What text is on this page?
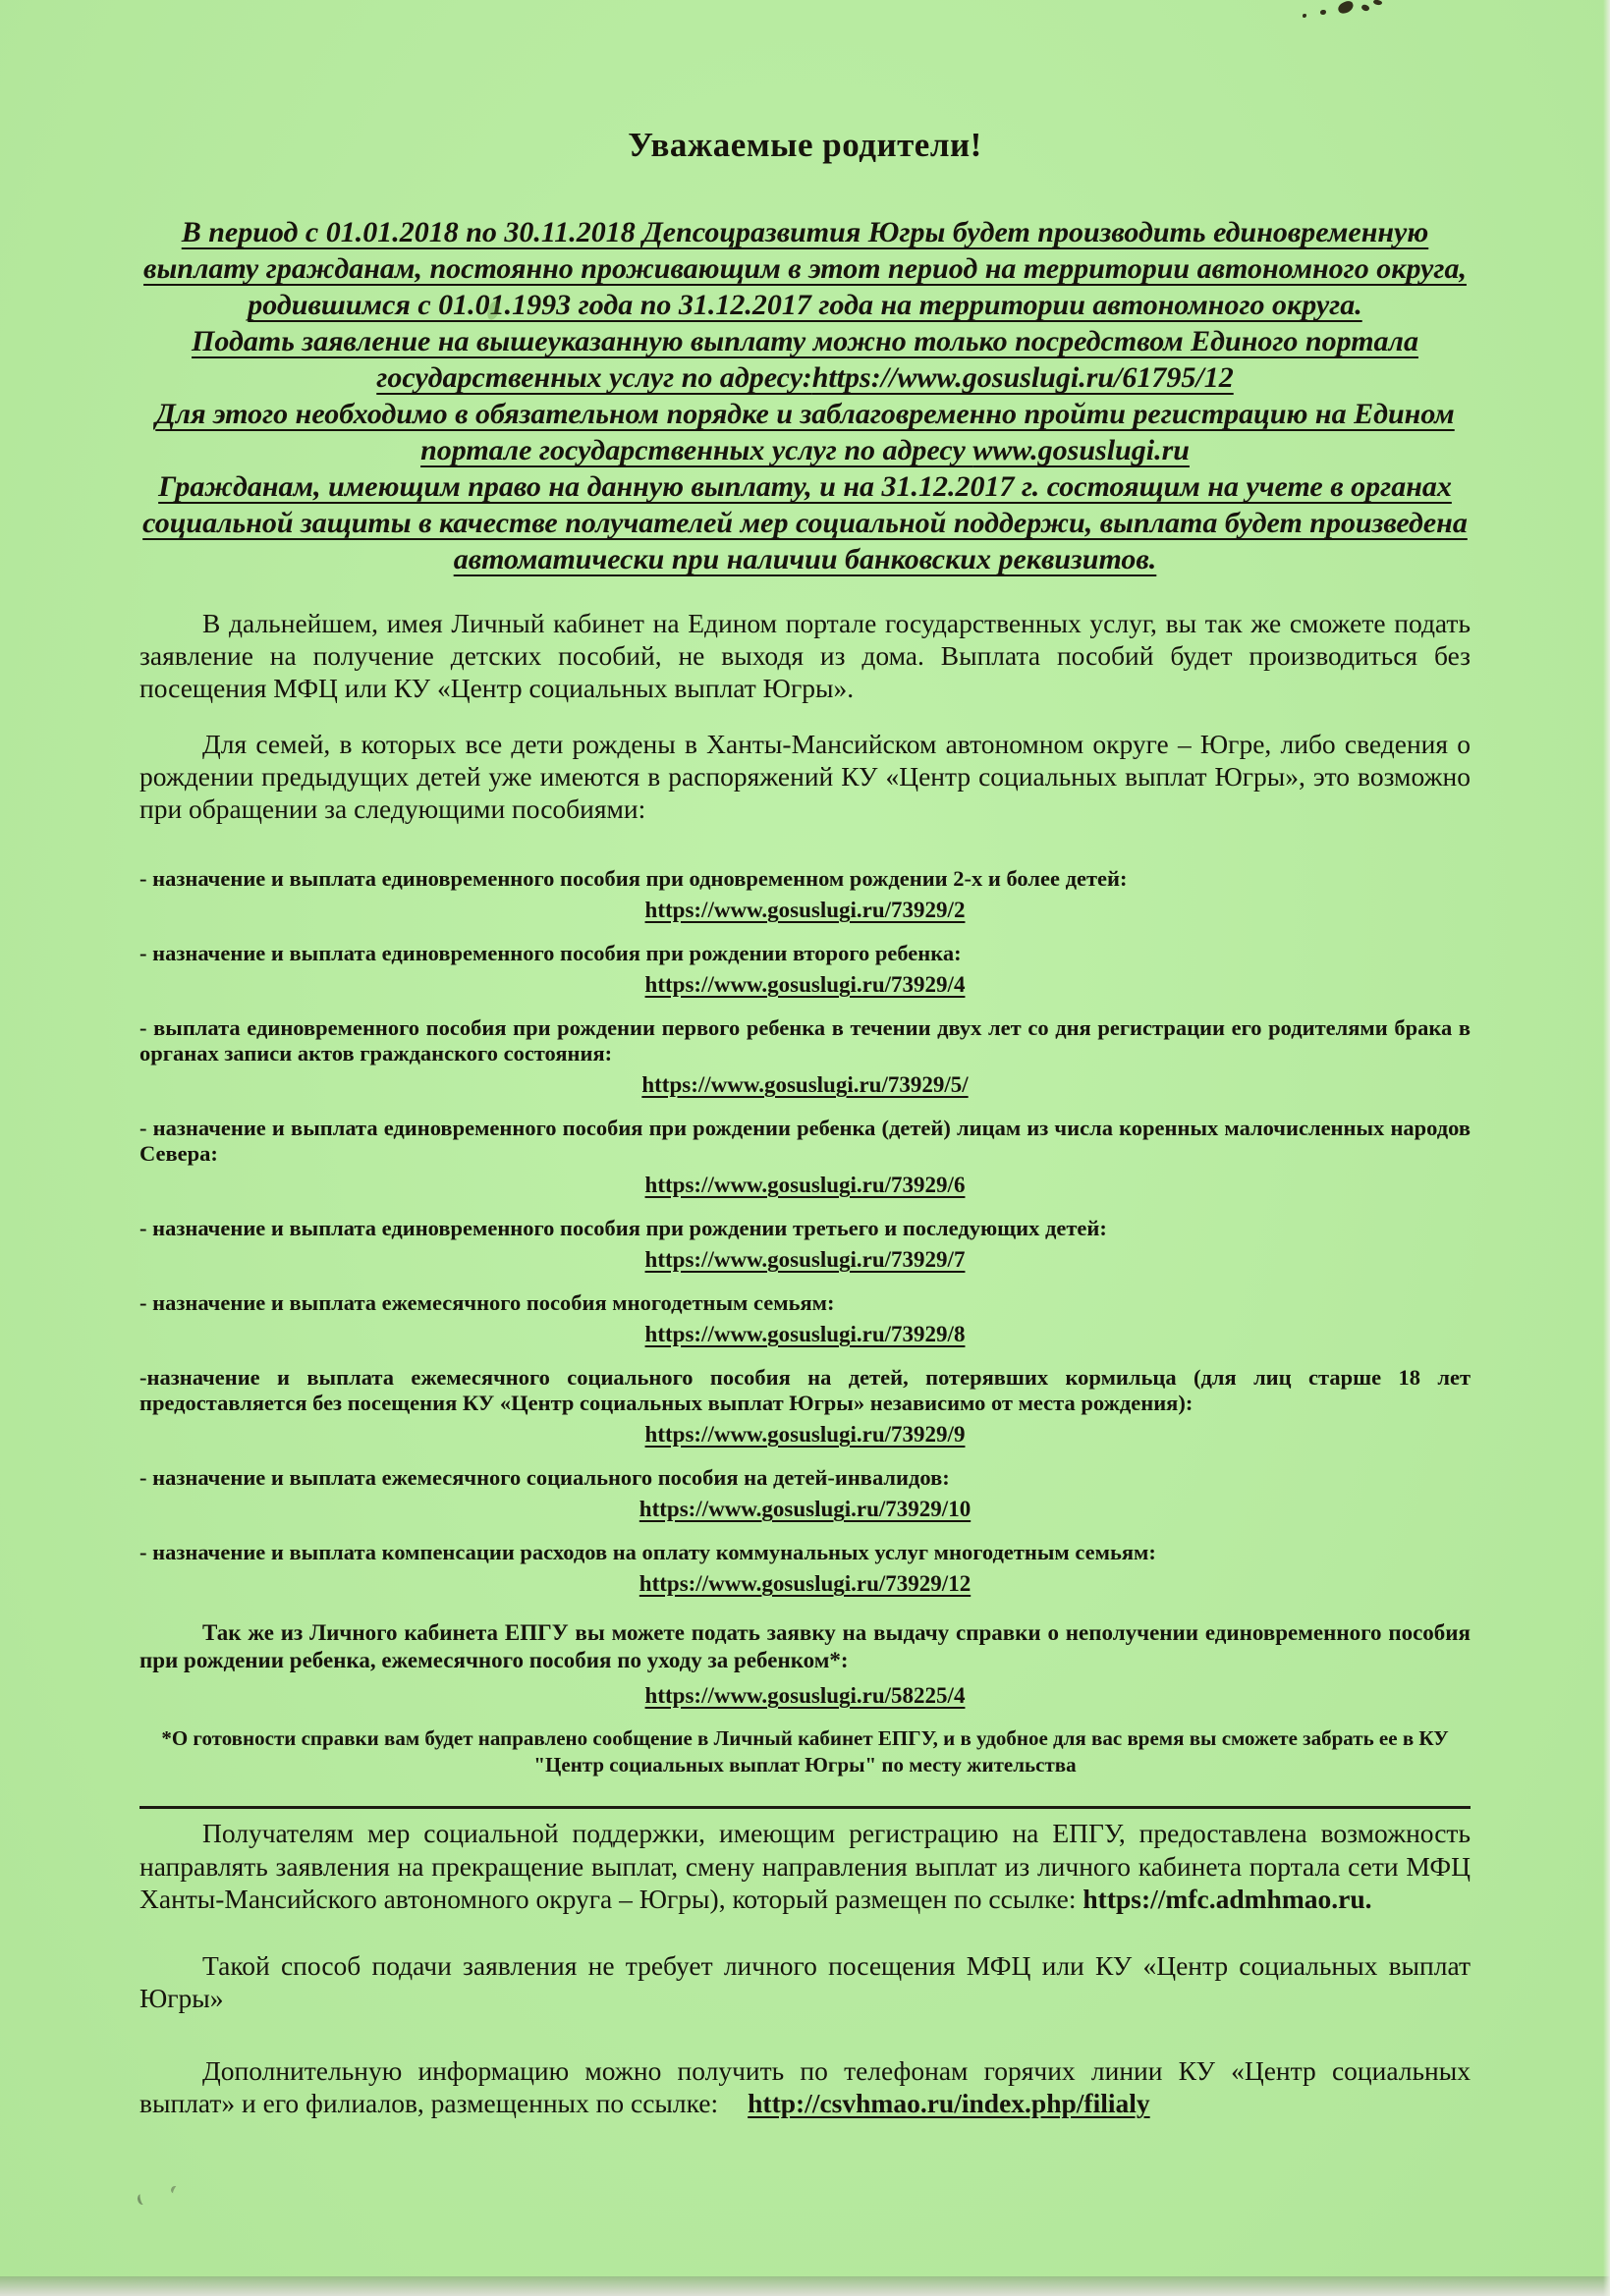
Уважаемые родители!

В период с 01.01.2018 по 30.11.2018 Депсоцразвития Югры будет производить единовременную выплату гражданам, постоянно проживающим в этот период на территории автономного округа, родившимся с 01.01.1993 года по 31.12.2017 года на территории автономного округа.

Подать заявление на вышеуказанную выплату можно только посредством Единого портала государственных услуг по адресу:https://www.gosuslugi.ru/61795/12

Для этого необходимо в обязательном порядке и заблаговременно пройти регистрацию на Едином портале государственных услуг по адресу www.gosuslugi.ru

Гражданам, имеющим право на данную выплату, и на 31.12.2017 г. состоящим на учете в органах социальной защиты в качестве получателей мер социальной поддержи, выплата будет произведена автоматически при наличии банковских реквизитов.

В дальнейшем, имея Личный кабинет на Едином портале государственных услуг, вы так же сможете подать заявление на получение детских пособий, не выходя из дома. Выплата пособий будет производиться без посещения МФЦ или КУ «Центр социальных выплат Югры».

Для семей, в которых все дети рождены в Ханты-Мансийском автономном округе – Югре, либо сведения о рождении предыдущих детей уже имеются в распоряжений КУ «Центр социальных выплат Югры», это возможно при обращении за следующими пособиями:

- назначение и выплата единовременного пособия при одновременном рождении 2-х и более детей:

https://www.gosuslugi.ru/73929/2

- назначение и выплата единовременного пособия при рождении второго ребенка:

https://www.gosuslugi.ru/73929/4

- выплата единовременного пособия при рождении первого ребенка в течении двух лет со дня регистрации его родителями брака в органах записи актов гражданского состояния:

https://www.gosuslugi.ru/73929/5/

- назначение и выплата единовременного пособия при рождении ребенка (детей) лицам из числа коренных малочисленных народов Севера:

https://www.gosuslugi.ru/73929/6

- назначение и выплата единовременного пособия при рождении третьего и последующих детей:

https://www.gosuslugi.ru/73929/7

- назначение и выплата ежемесячного пособия многодетным семьям:

https://www.gosuslugi.ru/73929/8

-назначение и выплата ежемесячного социального пособия на детей, потерявших кормильца (для лиц старше 18 лет предоставляется без посещения КУ «Центр социальных выплат Югры» независимо от места рождения):

https://www.gosuslugi.ru/73929/9

- назначение и выплата ежемесячного социального пособия на детей-инвалидов:

https://www.gosuslugi.ru/73929/10

- назначение и выплата компенсации расходов на оплату коммунальных услуг многодетным семьям:

https://www.gosuslugi.ru/73929/12

Так же из Личного кабинета ЕПГУ вы можете подать заявку на выдачу справки о неполучении единовременного пособия при рождении ребенка, ежемесячного пособия по уходу за ребенком*:

https://www.gosuslugi.ru/58225/4

*О готовности справки вам будет направлено сообщение в Личный кабинет ЕПГУ, и в удобное для вас время вы сможете забрать ее в КУ "Центр социальных выплат Югры" по месту жительства

Получателям мер социальной поддержки, имеющим регистрацию на ЕПГУ, предоставлена возможность направлять заявления на прекращение выплат, смену направления выплат из личного кабинета портала сети МФЦ Ханты-Мансийского автономного округа – Югры), который размещен по ссылке: https://mfc.admhmao.ru.

Такой способ подачи заявления не требует личного посещения МФЦ или КУ «Центр социальных выплат Югры»

Дополнительную информацию можно получить по телефонам горячих линии КУ «Центр социальных выплат» и его филиалов, размещенных по ссылке: http://csvhmao.ru/index.php/filialy
